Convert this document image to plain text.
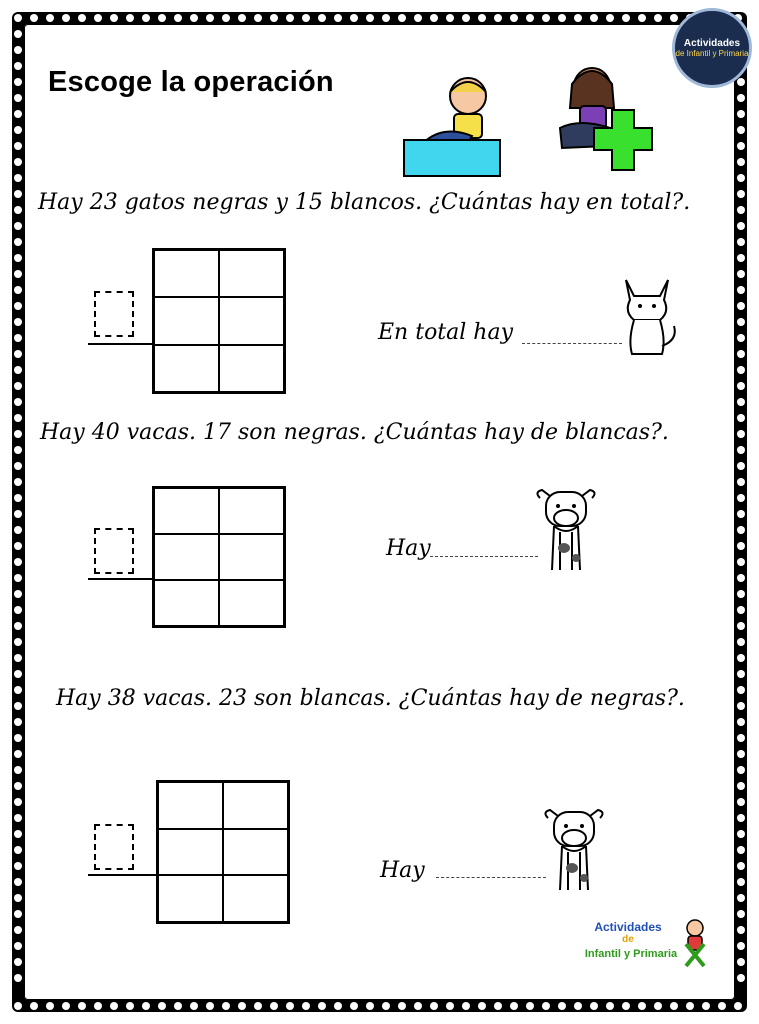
Escoge la operación
Actividades
de Infantil y Primaria
Hay 23 gatos negras y 15 blancos. ¿Cuántas hay en total?.
En total hay
Hay 40 vacas. 17 son negras. ¿Cuántas hay de blancas?.
Hay
Hay 38 vacas. 23 son blancas. ¿Cuántas hay de negras?.
Hay
Actividades
de
Infantil y Primaria
